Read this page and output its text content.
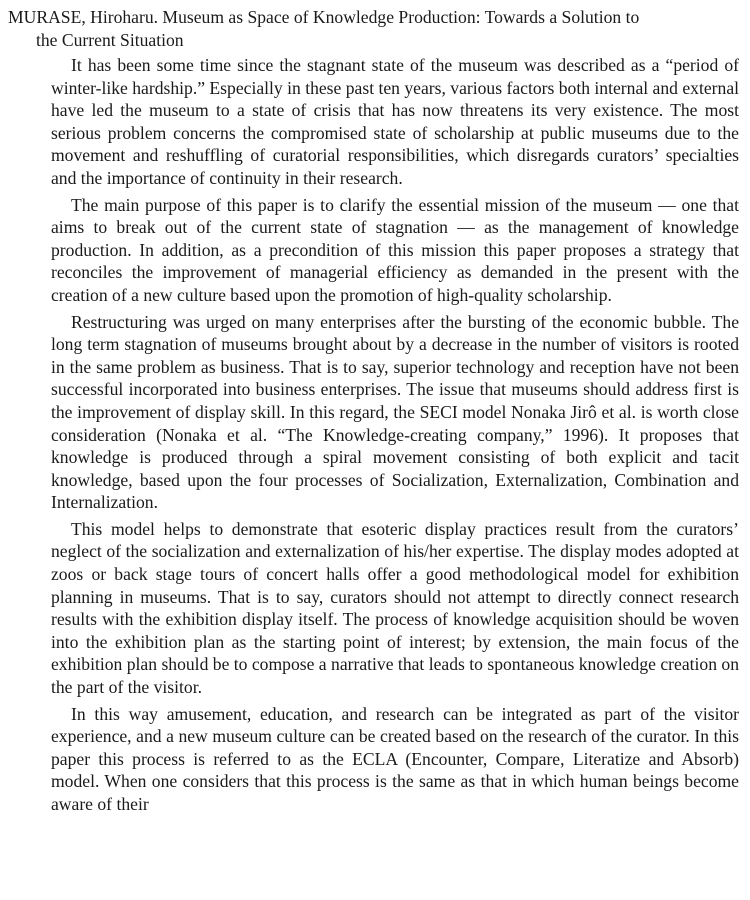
MURASE, Hiroharu. Museum as Space of Knowledge Production: Towards a Solution to
the Current Situation

It has been some time since the stagnant state of the museum was described as a “period of winter-like hardship.” Especially in these past ten years, various factors both internal and external have led the museum to a state of crisis that has now threatens its very existence. The most serious problem concerns the compromised state of scholarship at public museums due to the movement and reshuffling of curatorial responsibilities, which disregards curators’ specialties and the importance of continuity in their research.

The main purpose of this paper is to clarify the essential mission of the museum — one that aims to break out of the current state of stagnation — as the management of knowledge production. In addition, as a precondition of this mission this paper proposes a strategy that reconciles the improvement of managerial efficiency as demanded in the present with the creation of a new culture based upon the promotion of high-quality scholarship.

Restructuring was urged on many enterprises after the bursting of the economic bubble. The long term stagnation of museums brought about by a decrease in the number of visitors is rooted in the same problem as business. That is to say, superior technology and reception have not been successful incorporated into business enterprises. The issue that museums should address first is the improvement of display skill. In this regard, the SECI model Nonaka Jirô et al. is worth close consideration (Nonaka et al. “The Knowledge-creating company,” 1996). It proposes that knowledge is produced through a spiral movement consisting of both explicit and tacit knowledge, based upon the four processes of Socialization, Externalization, Combination and Internalization.

This model helps to demonstrate that esoteric display practices result from the curators’ neglect of the socialization and externalization of his/her expertise. The display modes adopted at zoos or back stage tours of concert halls offer a good methodological model for exhibition planning in museums. That is to say, curators should not attempt to directly connect research results with the exhibition display itself. The process of knowledge acquisition should be woven into the exhibition plan as the starting point of interest; by extension, the main focus of the exhibition plan should be to compose a narrative that leads to spontaneous knowledge creation on the part of the visitor.

In this way amusement, education, and research can be integrated as part of the visitor experience, and a new museum culture can be created based on the research of the curator. In this paper this process is referred to as the ECLA (Encounter, Compare, Literatize and Absorb) model. When one considers that this process is the same as that in which human beings become aware of their
